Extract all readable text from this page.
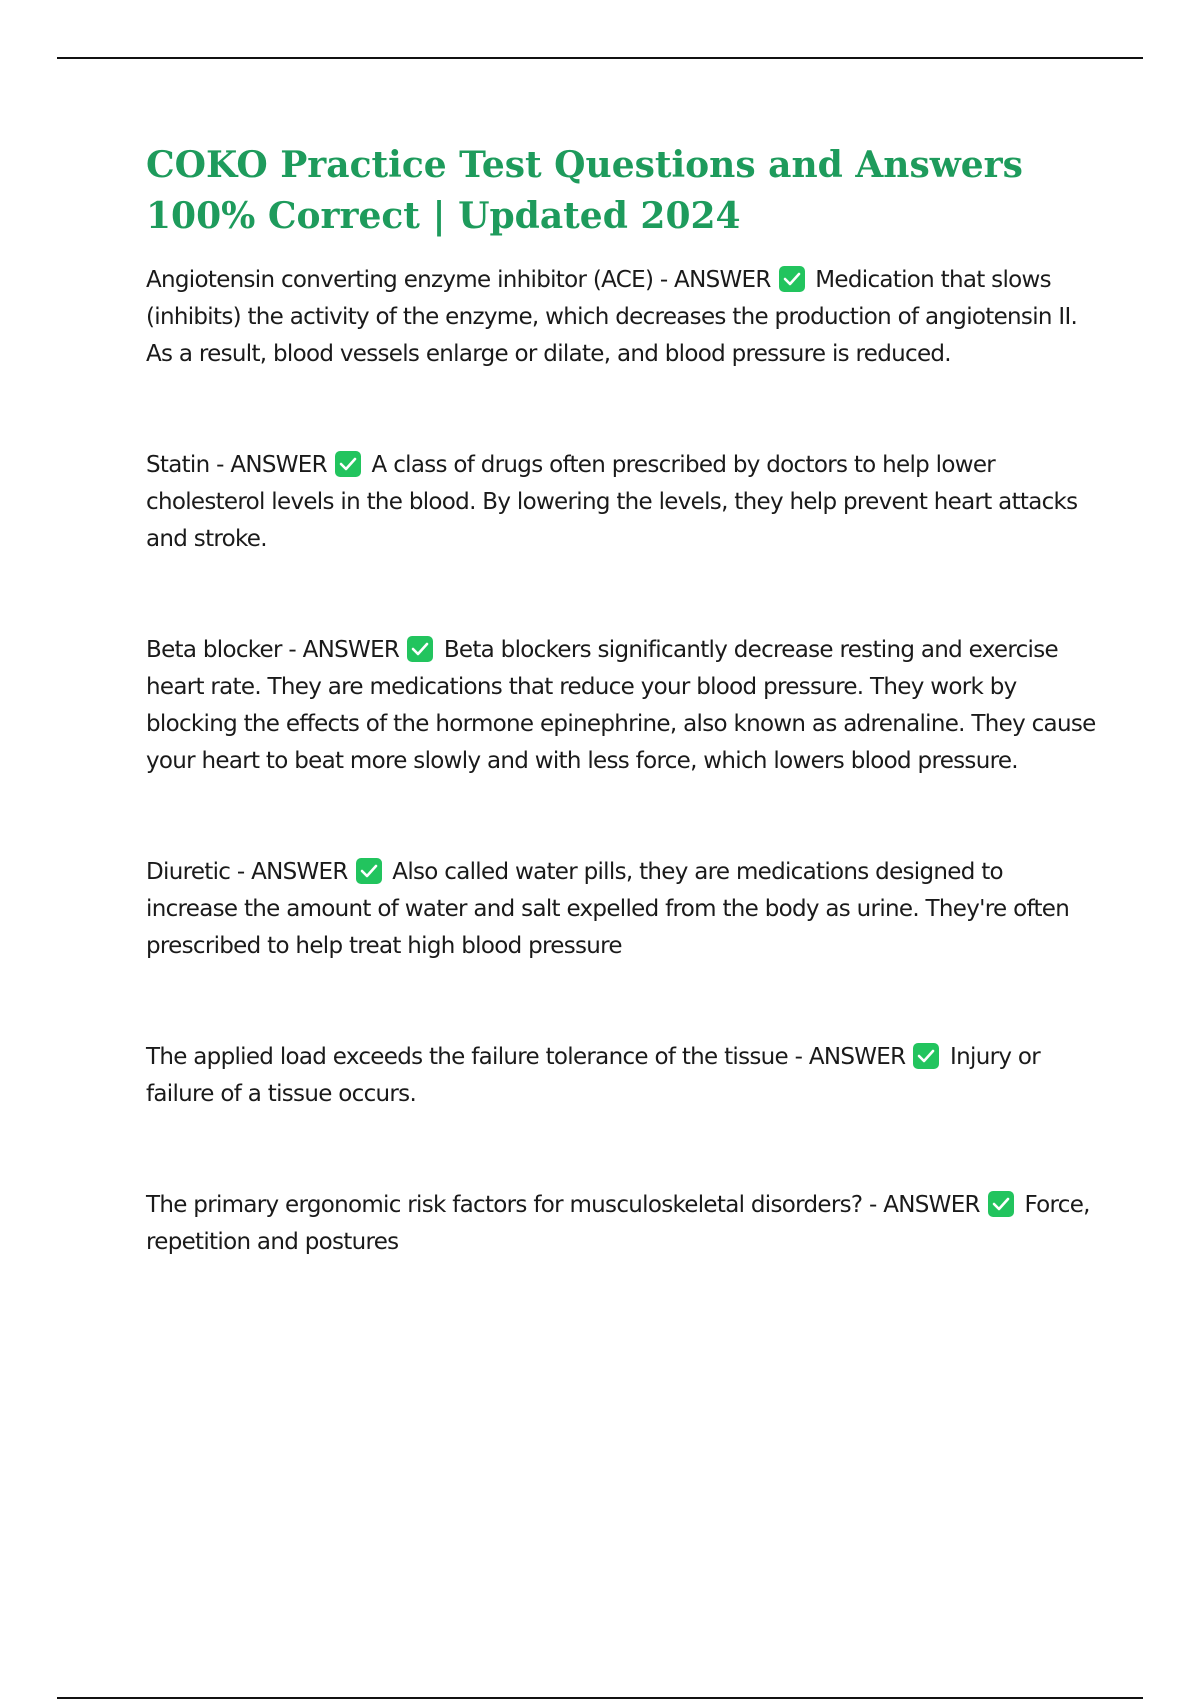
COKO Practice Test Questions and Answers 100% Correct | Updated 2024

Angiotensin converting enzyme inhibitor (ACE) - ANSWER Medication that slows (inhibits) the activity of the enzyme, which decreases the production of angiotensin II. As a result, blood vessels enlarge or dilate, and blood pressure is reduced.

Statin - ANSWER A class of drugs often prescribed by doctors to help lower cholesterol levels in the blood. By lowering the levels, they help prevent heart attacks and stroke.

Beta blocker - ANSWER Beta blockers significantly decrease resting and exercise heart rate. They are medications that reduce your blood pressure. They work by blocking the effects of the hormone epinephrine, also known as adrenaline. They cause your heart to beat more slowly and with less force, which lowers blood pressure.

Diuretic - ANSWER Also called water pills, they are medications designed to increase the amount of water and salt expelled from the body as urine. They're often prescribed to help treat high blood pressure

The applied load exceeds the failure tolerance of the tissue - ANSWER Injury or failure of a tissue occurs.

The primary ergonomic risk factors for musculoskeletal disorders? - ANSWER Force, repetition and postures
